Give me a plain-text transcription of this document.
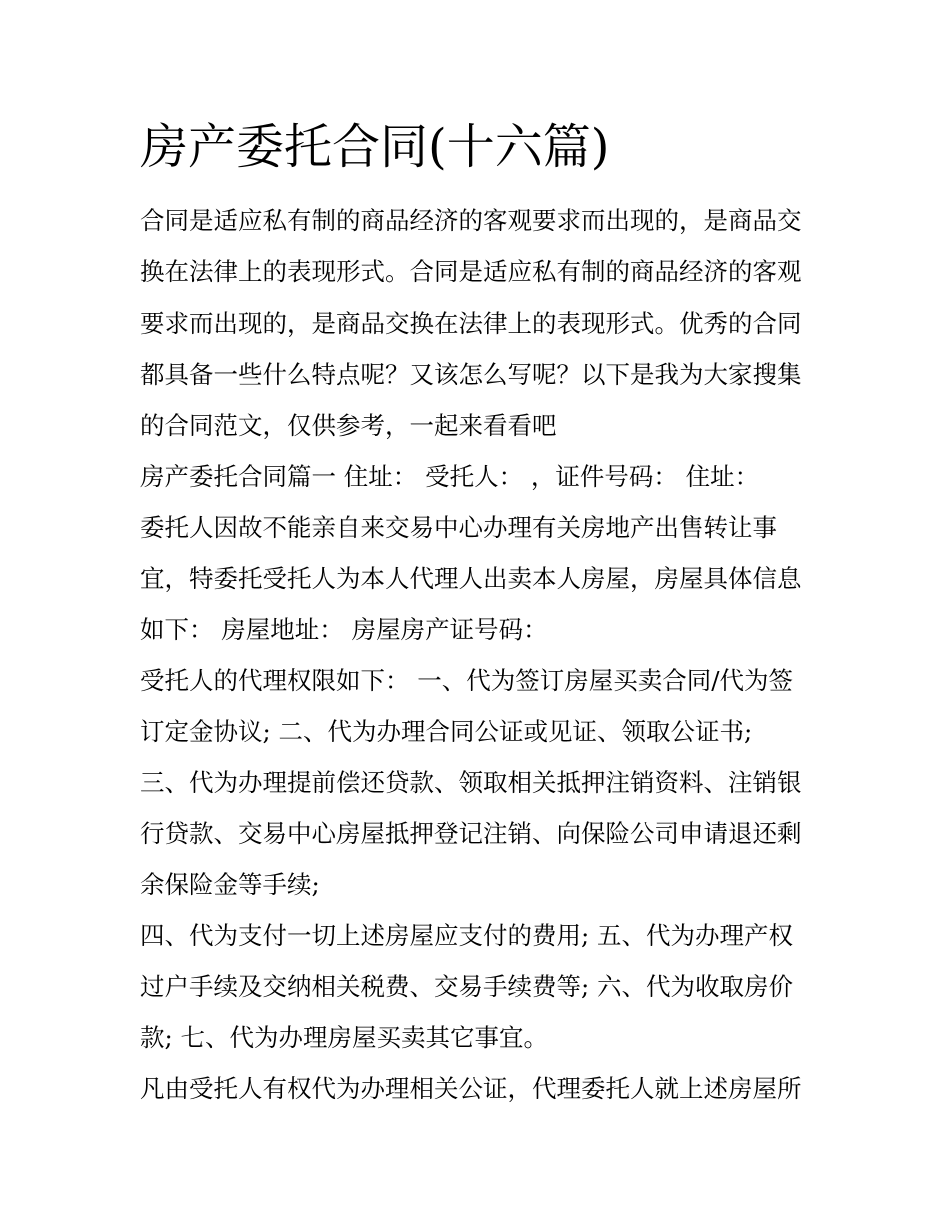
房产委托合同(十六篇)

合同是适应私有制的商品经济的客观要求而出现的，是商品交

换在法律上的表现形式。合同是适应私有制的商品经济的客观

要求而出现的，是商品交换在法律上的表现形式。优秀的合同

都具备一些什么特点呢？又该怎么写呢？以下是我为大家搜集

的合同范文，仅供参考，一起来看看吧

房产委托合同篇一 住址： 受托人： ，证件号码： 住址：

委托人因故不能亲自来交易中心办理有关房地产出售转让事

宜，特委托受托人为本人代理人出卖本人房屋，房屋具体信息

如下： 房屋地址： 房屋房产证号码：

受托人的代理权限如下： 一、代为签订房屋买卖合同/代为签

订定金协议; 二、代为办理合同公证或见证、领取公证书;

三、代为办理提前偿还贷款、领取相关抵押注销资料、注销银

行贷款、交易中心房屋抵押登记注销、向保险公司申请退还剩

余保险金等手续;

四、代为支付一切上述房屋应支付的费用; 五、代为办理产权

过户手续及交纳相关税费、交易手续费等; 六、代为收取房价

款; 七、代为办理房屋买卖其它事宜。

凡由受托人有权代为办理相关公证，代理委托人就上述房屋所
